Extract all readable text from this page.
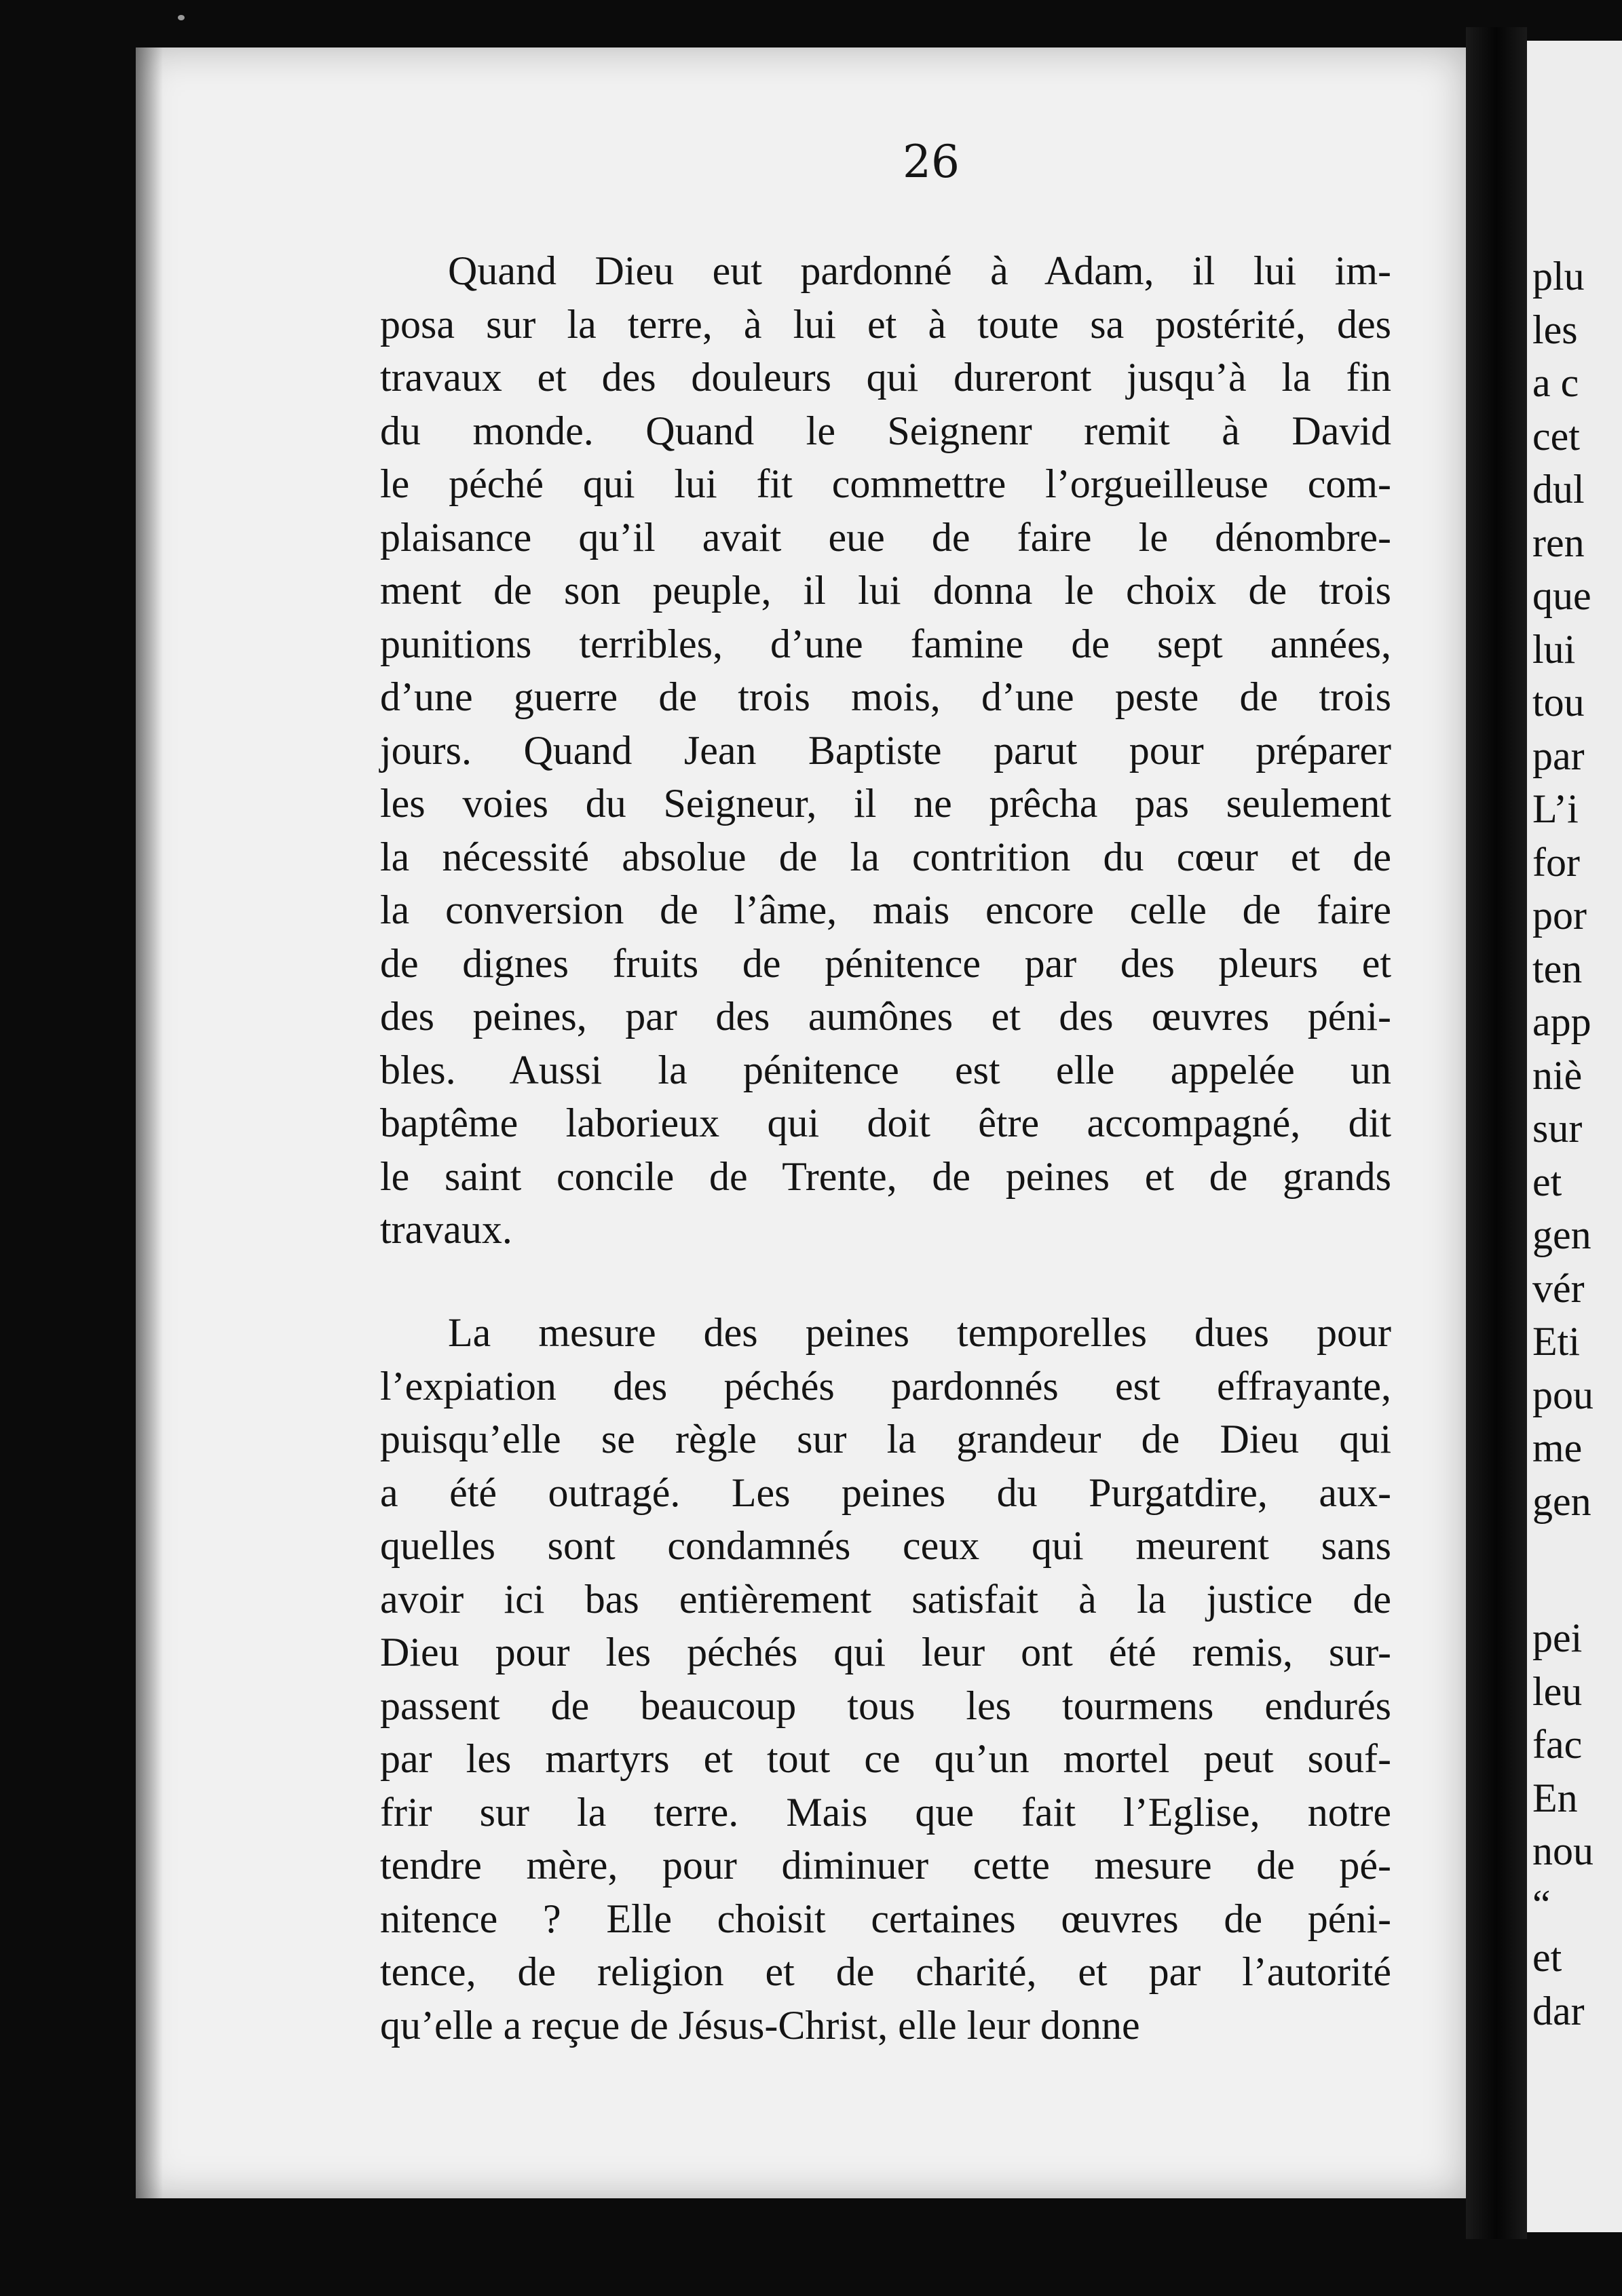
26
Quand Dieu eut pardonné à Adam, il lui im-
posa sur la terre, à lui et à toute sa postérité, des
travaux et des douleurs qui dureront jusqu’à la fin
du monde. Quand le Seignenr remit à David
le péché qui lui fit commettre l’orgueilleuse com-
plaisance qu’il avait eue de faire le dénombre-
ment de son peuple, il lui donna le choix de trois
punitions terribles, d’une famine de sept années,
d’une guerre de trois mois, d’une peste de trois
jours. Quand Jean Baptiste parut pour préparer
les voies du Seigneur, il ne prêcha pas seulement
la nécessité absolue de la contrition du cœur et de
la conversion de l’âme, mais encore celle de faire
de dignes fruits de pénitence par des pleurs et
des peines, par des aumônes et des œuvres péni-
bles. Aussi la pénitence est elle appelée un
baptême laborieux qui doit être accompagné, dit
le saint concile de Trente, de peines et de grands
travaux.
La mesure des peines temporelles dues pour
l’expiation des péchés pardonnés est effrayante,
puisqu’elle se règle sur la grandeur de Dieu qui
a été outragé. Les peines du Purgatdire, aux-
quelles sont condamnés ceux qui meurent sans
avoir ici bas entièrement satisfait à la justice de
Dieu pour les péchés qui leur ont été remis, sur-
passent de beaucoup tous les tourmens endurés
par les martyrs et tout ce qu’un mortel peut souf-
frir sur la terre. Mais que fait l’Eglise, notre
tendre mère, pour diminuer cette mesure de pé-
nitence ? Elle choisit certaines œuvres de péni-
tence, de religion et de charité, et par l’autorité
qu’elle a reçue de Jésus-Christ, elle leur donne
plu
les
a c
cet
dul
ren
que
lui
tou
par
L’i
for
por
ten
app
niè
sur
et
gen
vér
Eti
pou
me
gen
pei
leu
fac
En
nou
“
et
dar
